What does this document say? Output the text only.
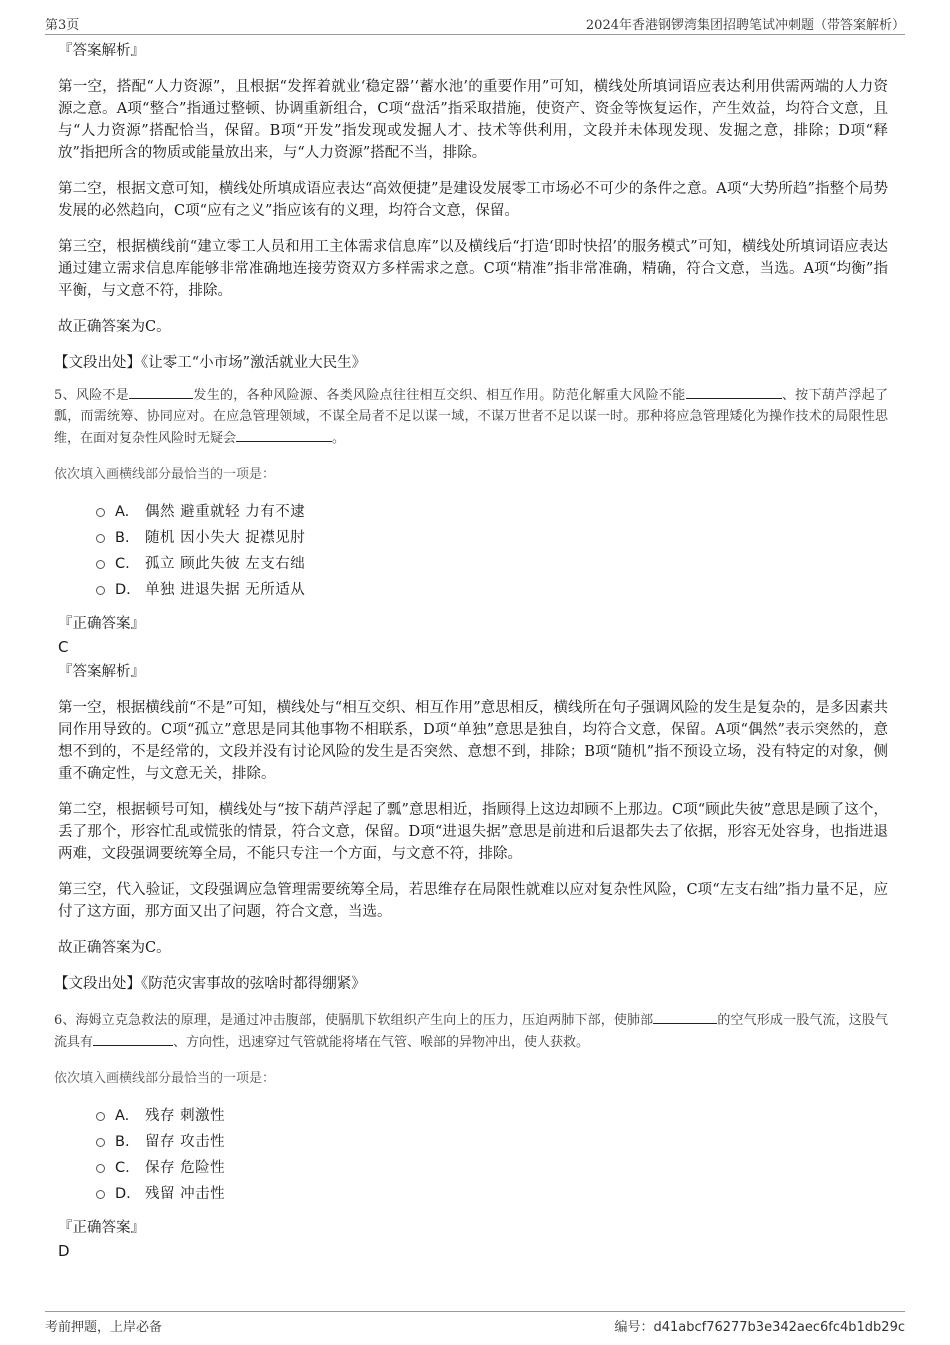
第3页	2024年香港钢锣湾集团招聘笔试冲刺题（带答案解析）
『答案解析』

第一空，搭配“人力资源”，且根据“发挥着就业‘稳定器’‘蓄水池’的重要作用”可知，横线处所填词语应表达利用供需两端的人力资源之意。A项“整合”指通过整顿、协调重新组合，C项“盘活”指采取措施，使资产、资金等恢复运作，产生效益，均符合文意，且与“人力资源”搭配恰当，保留。B项“开发”指发现或发掘人才、技术等供利用，文段并未体现发现、发掘之意，排除；D项“释放”指把所含的物质或能量放出来，与“人力资源”搭配不当，排除。

第二空，根据文意可知，横线处所填成语应表达“高效便捷”是建设发展零工市场必不可少的条件之意。A项“大势所趋”指整个局势发展的必然趋向，C项“应有之义”指应该有的义理，均符合文意，保留。

第三空，根据横线前“建立零工人员和用工主体需求信息库”以及横线后“打造‘即时快招’的服务模式”可知，横线处所填词语应表达通过建立需求信息库能够非常准确地连接劳资双方多样需求之意。C项“精准”指非常准确，精确，符合文意，当选。A项“均衡”指平衡，与文意不符，排除。

故正确答案为C。

【文段出处】《让零工“小市场”激活就业大民生》
5、风险不是	发生的，各种风险源、各类风险点往往相互交织、相互作用。防范化解重大风险不能	、按下葫芦浮起了瓢，而需统筹、协同应对。在应急管理领域，不谋全局者不足以谋一域，不谋万世者不足以谋一时。那种将应急管理矮化为操作技术的局限性思维，在面对复杂性风险时无疑会	。
依次填入画横线部分最恰当的一项是：
A.	偶然 避重就轻 力有不逮
B.	随机 因小失大 捉襟见肘
C.	孤立 顾此失彼 左支右绌
D. 单独 进退失据 无所适从
『正确答案』
C
『答案解析』

第一空，根据横线前“不是”可知，横线处与“相互交织、相互作用”意思相反，横线所在句子强调风险的发生是复杂的，是多因素共同作用导致的。C项“孤立”意思是同其他事物不相联系，D项“单独”意思是独自，均符合文意，保留。A项“偶然”表示突然的，意想不到的，不是经常的，文段并没有讨论风险的发生是否突然、意想不到，排除；B项“随机”指不预设立场，没有特定的对象，侧重不确定性，与文意无关，排除。

第二空，根据顿号可知，横线处与“按下葫芦浮起了瓢”意思相近，指顾得上这边却顾不上那边。C项“顾此失彼”意思是顾了这个，丢了那个，形容忙乱或慌张的情景，符合文意，保留。D项“进退失据”意思是前进和后退都失去了依据，形容无处容身，也指进退两难，文段强调要统筹全局，不能只专注一个方面，与文意不符，排除。

第三空，代入验证，文段强调应急管理需要统筹全局，若思维存在局限性就难以应对复杂性风险，C项“左支右绌”指力量不足，应付了这方面，那方面又出了问题，符合文意，当选。

故正确答案为C。

【文段出处】《防范灾害事故的弦啥时都得绷紧》
6、海姆立克急救法的原理，是通过冲击腹部，使膈肌下软组织产生向上的压力，压迫两肺下部，使肺部	的空气形成一股气流，这股气流具有	、方向性，迅速穿过气管就能将堵在气管、喉部的异物冲出，使人获救。
依次填入画横线部分最恰当的一项是：
A.	残存 刺激性
B.	留存 攻击性
C.	保存 危险性
D. 残留 冲击性
『正确答案』
D
考前押题，上岸必备	编号：d41abcf76277b3e342aec6fc4b1db29c
